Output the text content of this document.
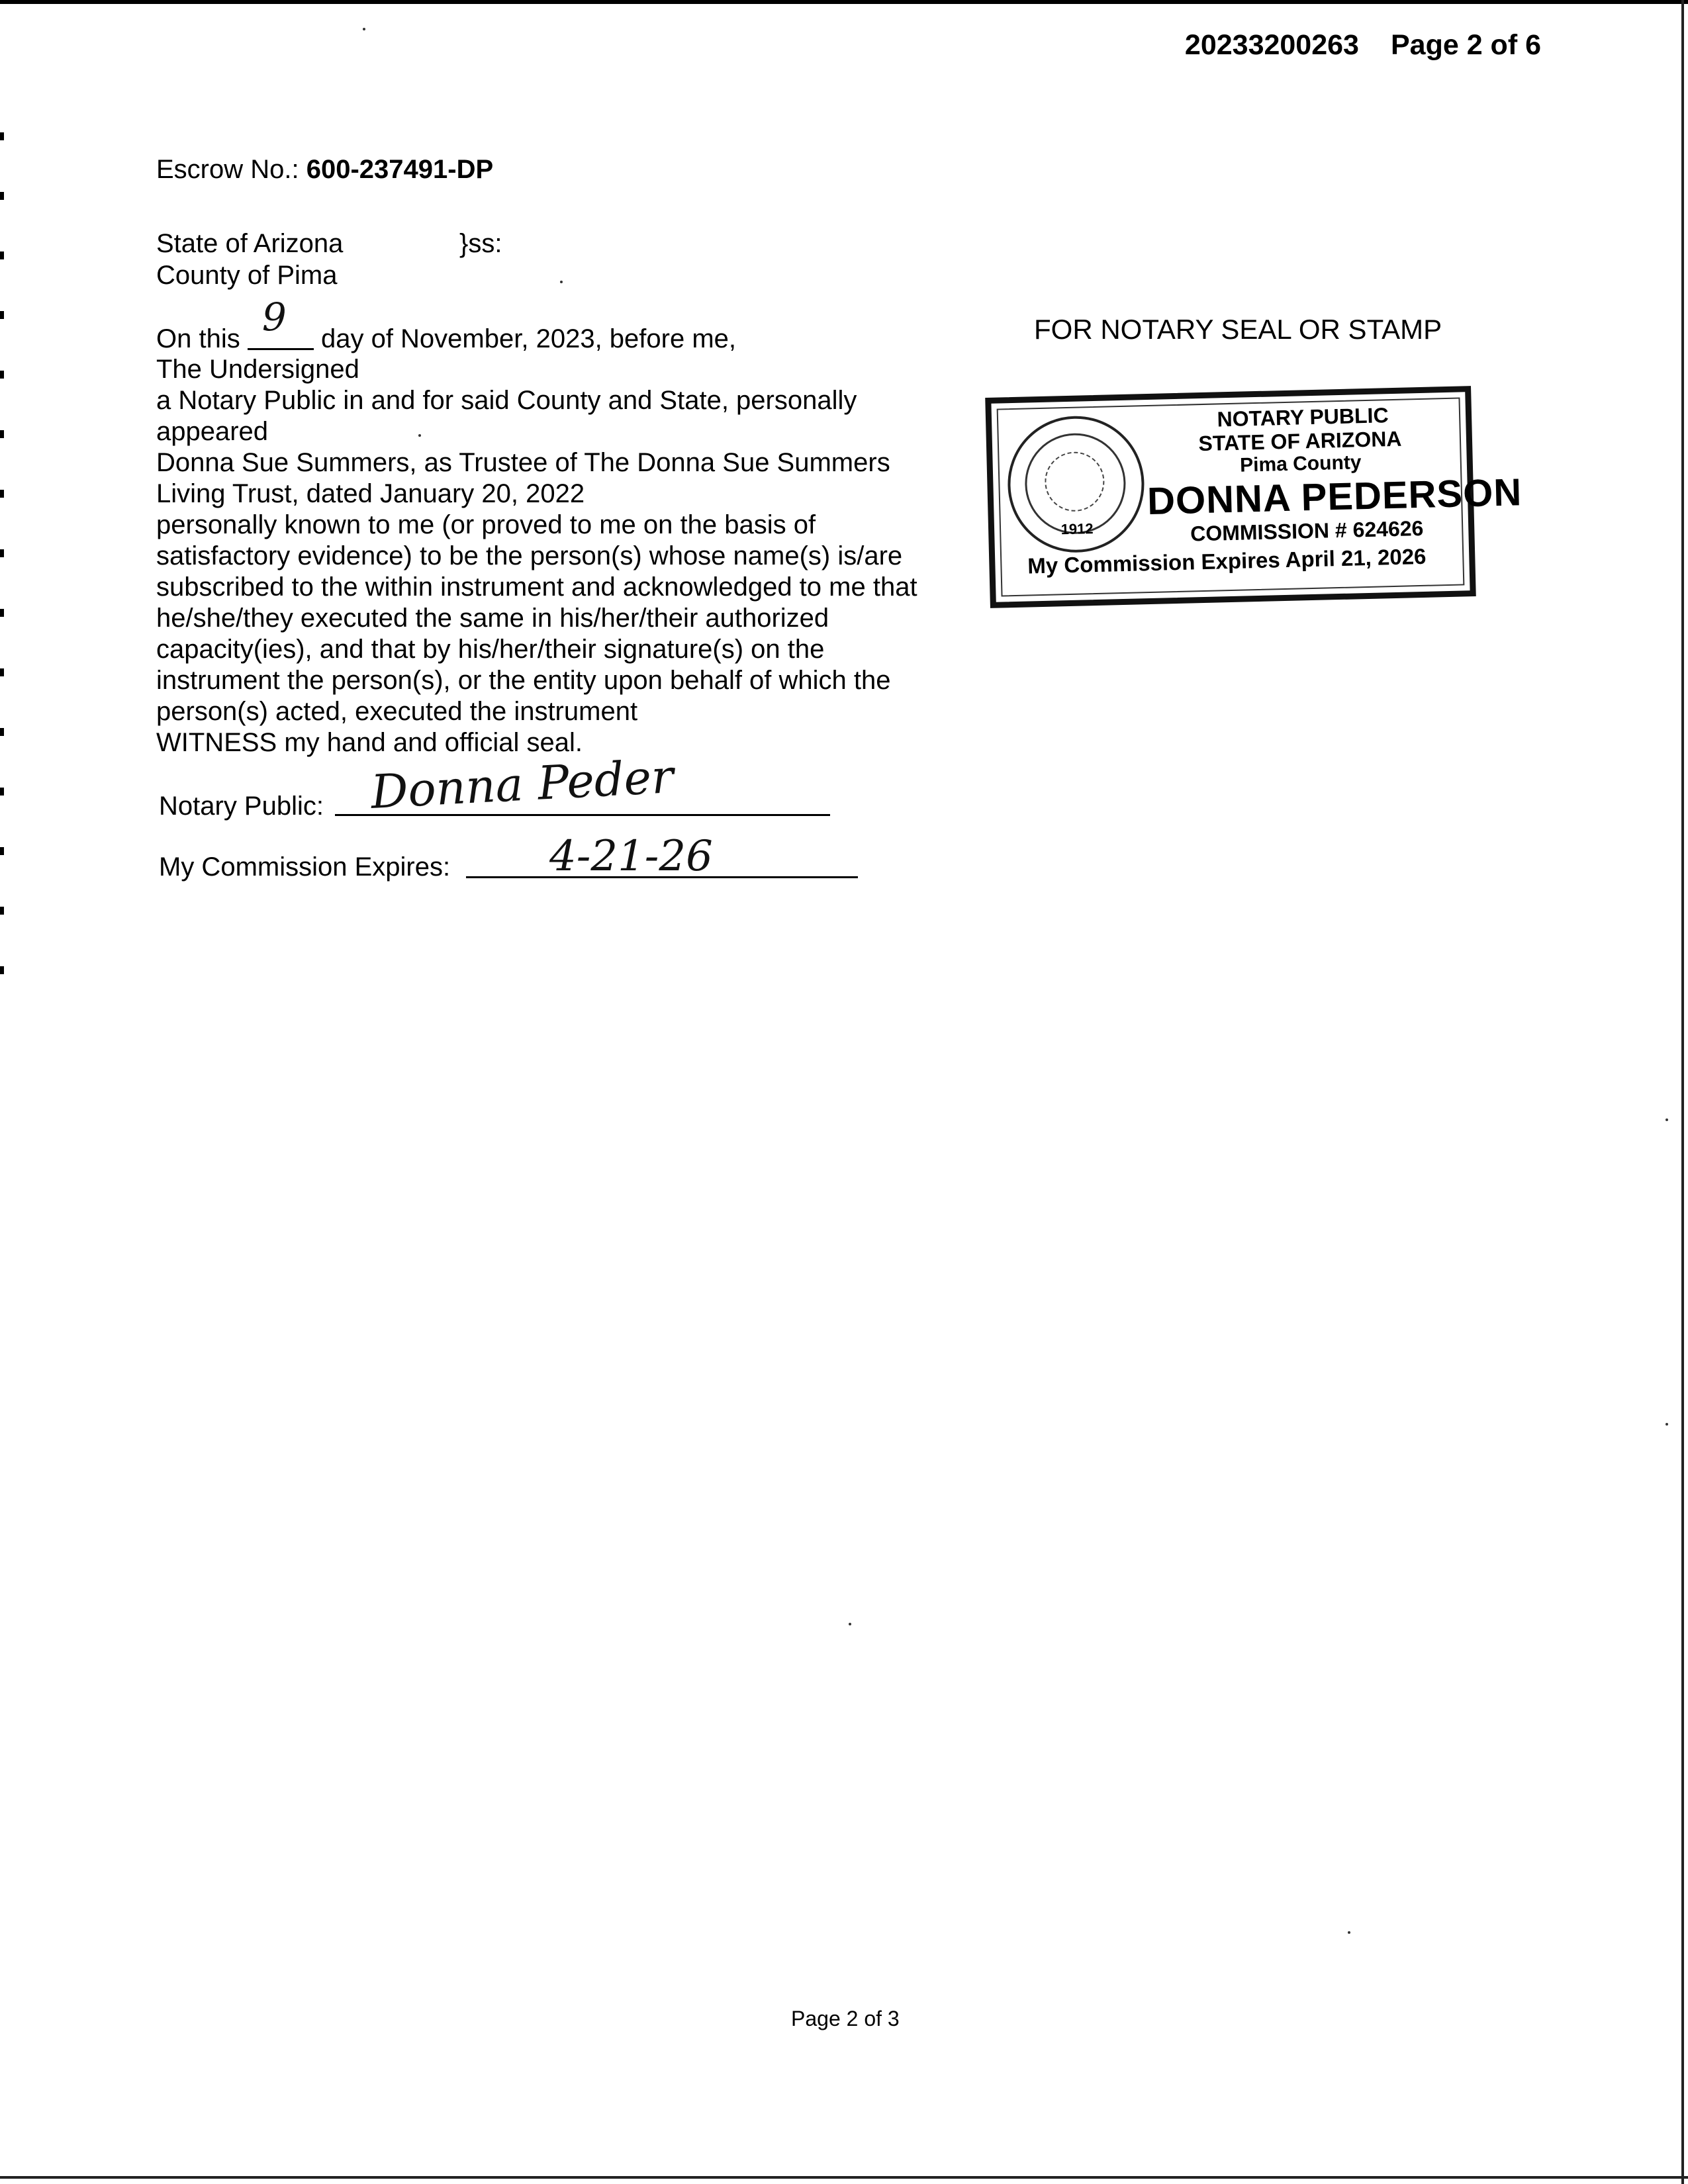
20233200263 Page 2 of 6
Escrow No.: 600-237491-DP
State of Arizona	}ss:
County of Pima
On this 9 day of November, 2023, before me,
The Undersigned
a Notary Public in and for said County and State, personally
appeared
Donna Sue Summers, as Trustee of The Donna Sue Summers
Living Trust, dated January 20, 2022
personally known to me (or proved to me on the basis of
satisfactory evidence) to be the person(s) whose name(s) is/are
subscribed to the within instrument and acknowledged to me that
he/she/they executed the same in his/her/their authorized
capacity(ies), and that by his/her/their signature(s) on the
instrument the person(s), or the entity upon behalf of which the
person(s) acted, executed the instrument
WITNESS my hand and official seal.
Notary Public: Donna Peder
My Commission Expires: 4-21-26
FOR NOTARY SEAL OR STAMP
1912
NOTARY PUBLIC
STATE OF ARIZONA
Pima County
DONNA PEDERSON
COMMISSION # 624626
My Commission Expires April 21, 2026
Page 2 of 3
